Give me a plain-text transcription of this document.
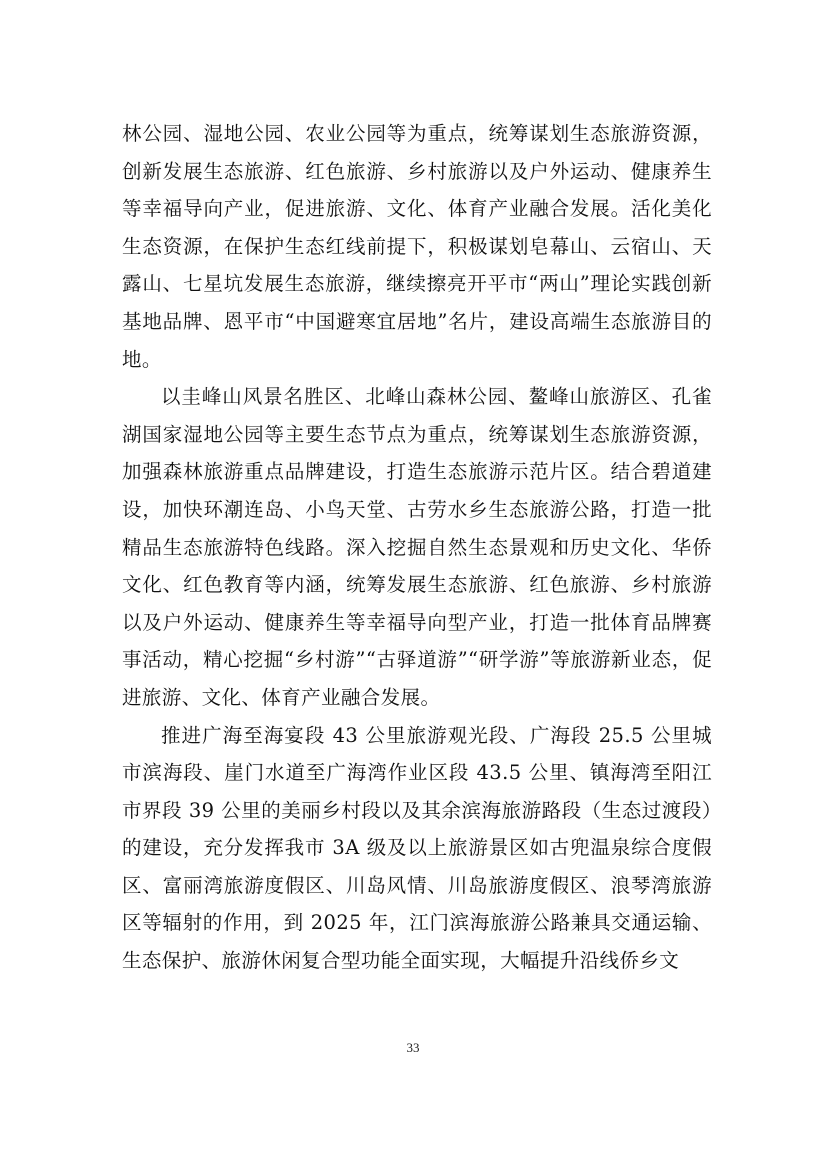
林公园、湿地公园、农业公园等为重点，统筹谋划生态旅游资源，创新发展生态旅游、红色旅游、乡村旅游以及户外运动、健康养生等幸福导向产业，促进旅游、文化、体育产业融合发展。活化美化生态资源，在保护生态红线前提下，积极谋划皂幕山、云宿山、天露山、七星坑发展生态旅游，继续擦亮开平市“两山”理论实践创新基地品牌、恩平市“中国避寒宜居地”名片，建设高端生态旅游目的地。

以圭峰山风景名胜区、北峰山森林公园、鳌峰山旅游区、孔雀湖国家湿地公园等主要生态节点为重点，统筹谋划生态旅游资源，加强森林旅游重点品牌建设，打造生态旅游示范片区。结合碧道建设，加快环潮连岛、小鸟天堂、古劳水乡生态旅游公路，打造一批精品生态旅游特色线路。深入挖掘自然生态景观和历史文化、华侨文化、红色教育等内涵，统筹发展生态旅游、红色旅游、乡村旅游以及户外运动、健康养生等幸福导向型产业，打造一批体育品牌赛事活动，精心挖掘“乡村游”“古驿道游”“研学游”等旅游新业态，促进旅游、文化、体育产业融合发展。

推进广海至海宴段 43 公里旅游观光段、广海段 25.5 公里城市滨海段、崖门水道至广海湾作业区段 43.5 公里、镇海湾至阳江市界段 39 公里的美丽乡村段以及其余滨海旅游路段（生态过渡段）的建设，充分发挥我市 3A 级及以上旅游景区如古兜温泉综合度假区、富丽湾旅游度假区、川岛风情、川岛旅游度假区、浪琴湾旅游区等辐射的作用，到 2025 年，江门滨海旅游公路兼具交通运输、生态保护、旅游休闲复合型功能全面实现，大幅提升沿线侨乡文

33
